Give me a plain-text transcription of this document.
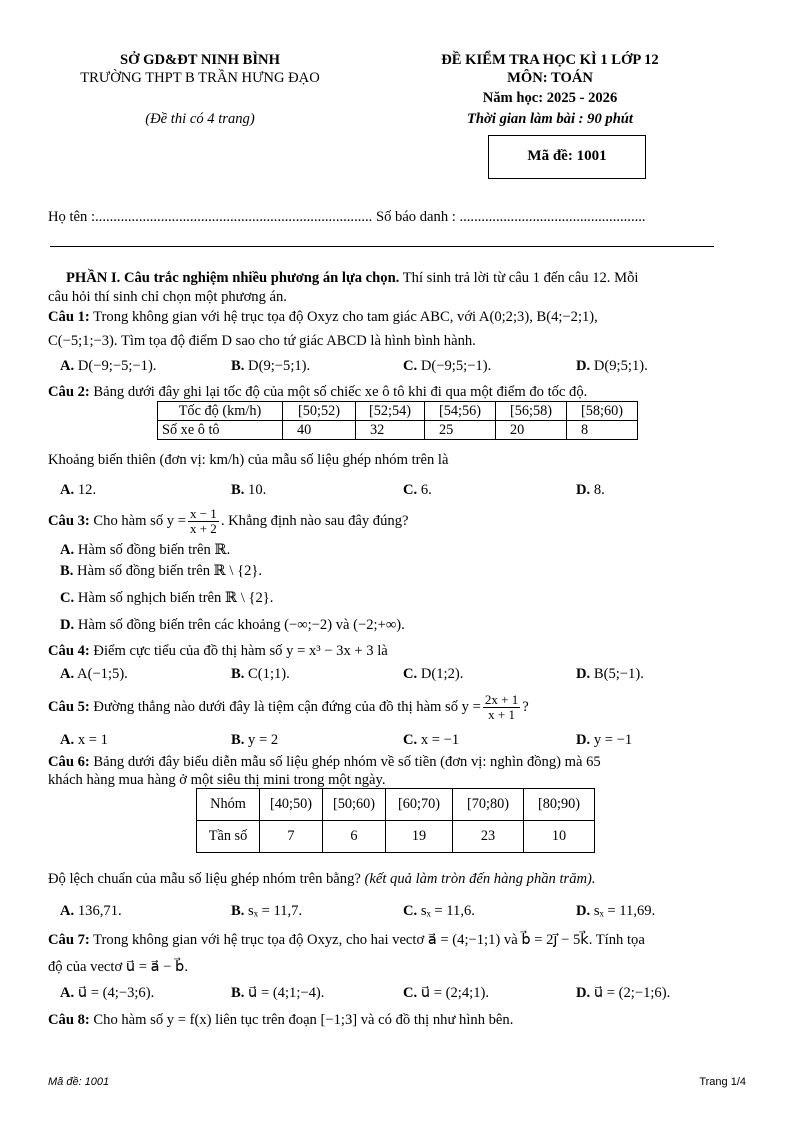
SỞ GD&ĐT NINH BÌNH
TRƯỜNG THPT B TRẦN HƯNG ĐẠO
(Đề thi có 4 trang)
ĐỀ KIỂM TRA HỌC KÌ 1 LỚP 12
MÔN: TOÁN
Năm học: 2025 - 2026
Thời gian làm bài : 90 phút
Mã đề: 1001
Họ tên :............................................................................ Số báo danh : ...................................................
PHẦN I. Câu trắc nghiệm nhiều phương án lựa chọn. Thí sinh trả lời từ câu 1 đến câu 12. Mỗi
câu hỏi thí sinh chỉ chọn một phương án.
Câu 1: Trong không gian với hệ trục tọa độ Oxyz cho tam giác ABC, với A(0;2;3), B(4;−2;1),
C(−5;1;−3). Tìm tọa độ điểm D sao cho tứ giác ABCD là hình bình hành.
A. D(−9;−5;−1).	B. D(9;−5;1).	C. D(−9;5;−1).	D. D(9;5;1).
Câu 2: Bảng dưới đây ghi lại tốc độ của một số chiếc xe ô tô khi đi qua một điểm đo tốc độ.
Tốc độ (km/h)	[50;52)	[52;54)	[54;56)	[56;58)	[58;60)
Số xe ô tô	40	32	25	20	8
Khoảng biến thiên (đơn vị: km/h) của mẫu số liệu ghép nhóm trên là
A. 12.	B. 10.	C. 6.	D. 8.
Câu 3: Cho hàm số $y = \frac{x - 1}{x + 2}$ . Khẳng định nào sau đây đúng?
A. Hàm số đồng biến trên ℝ.
B. Hàm số đồng biến trên ℝ \ {2}.
C. Hàm số nghịch biến trên ℝ \ {2}.
D. Hàm số đồng biến trên các khoảng (−∞;−2) và (−2;+∞).
Câu 4: Điểm cực tiểu của đồ thị hàm số y = x³ − 3x + 3 là
A. A(−1;5).	B. C(1;1).	C. D(1;2).	D. B(5;−1).
Câu 5: Đường thẳng nào dưới đây là tiệm cận đứng của đồ thị hàm số $y = \frac{2x + 1}{x + 1}$ ?
A. x = 1	B. y = 2	C. x = −1	D. y = −1
Câu 6: Bảng dưới đây biểu diễn mẫu số liệu ghép nhóm về số tiền (đơn vị: nghìn đồng) mà 65
khách hàng mua hàng ở một siêu thị mini trong một ngày.
Nhóm	[40;50)	[50;60)	[60;70)	[70;80)	[80;90)
Tần số	7	6	19	23	10
Độ lệch chuẩn của mẫu số liệu ghép nhóm trên bằng? (kết quả làm tròn đến hàng phần trăm).
A. 136,71.	B. sₓ = 11,7.	C. sₓ = 11,6.	D. sₓ = 11,69.
Câu 7: Trong không gian với hệ trục tọa độ Oxyz, cho hai vectơ a⃗ = (4;−1;1) và b⃗ = 2j⃗ − 5k⃗. Tính tọa
độ của vectơ u⃗ = a⃗ − b⃗.
A. u⃗ = (4;−3;6).	B. u⃗ = (4;1;−4).	C. u⃗ = (2;4;1).	D. u⃗ = (2;−1;6).
Câu 8: Cho hàm số y = f(x) liên tục trên đoạn [−1;3] và có đồ thị như hình bên.
Mã đề: 1001	Trang 1/4
